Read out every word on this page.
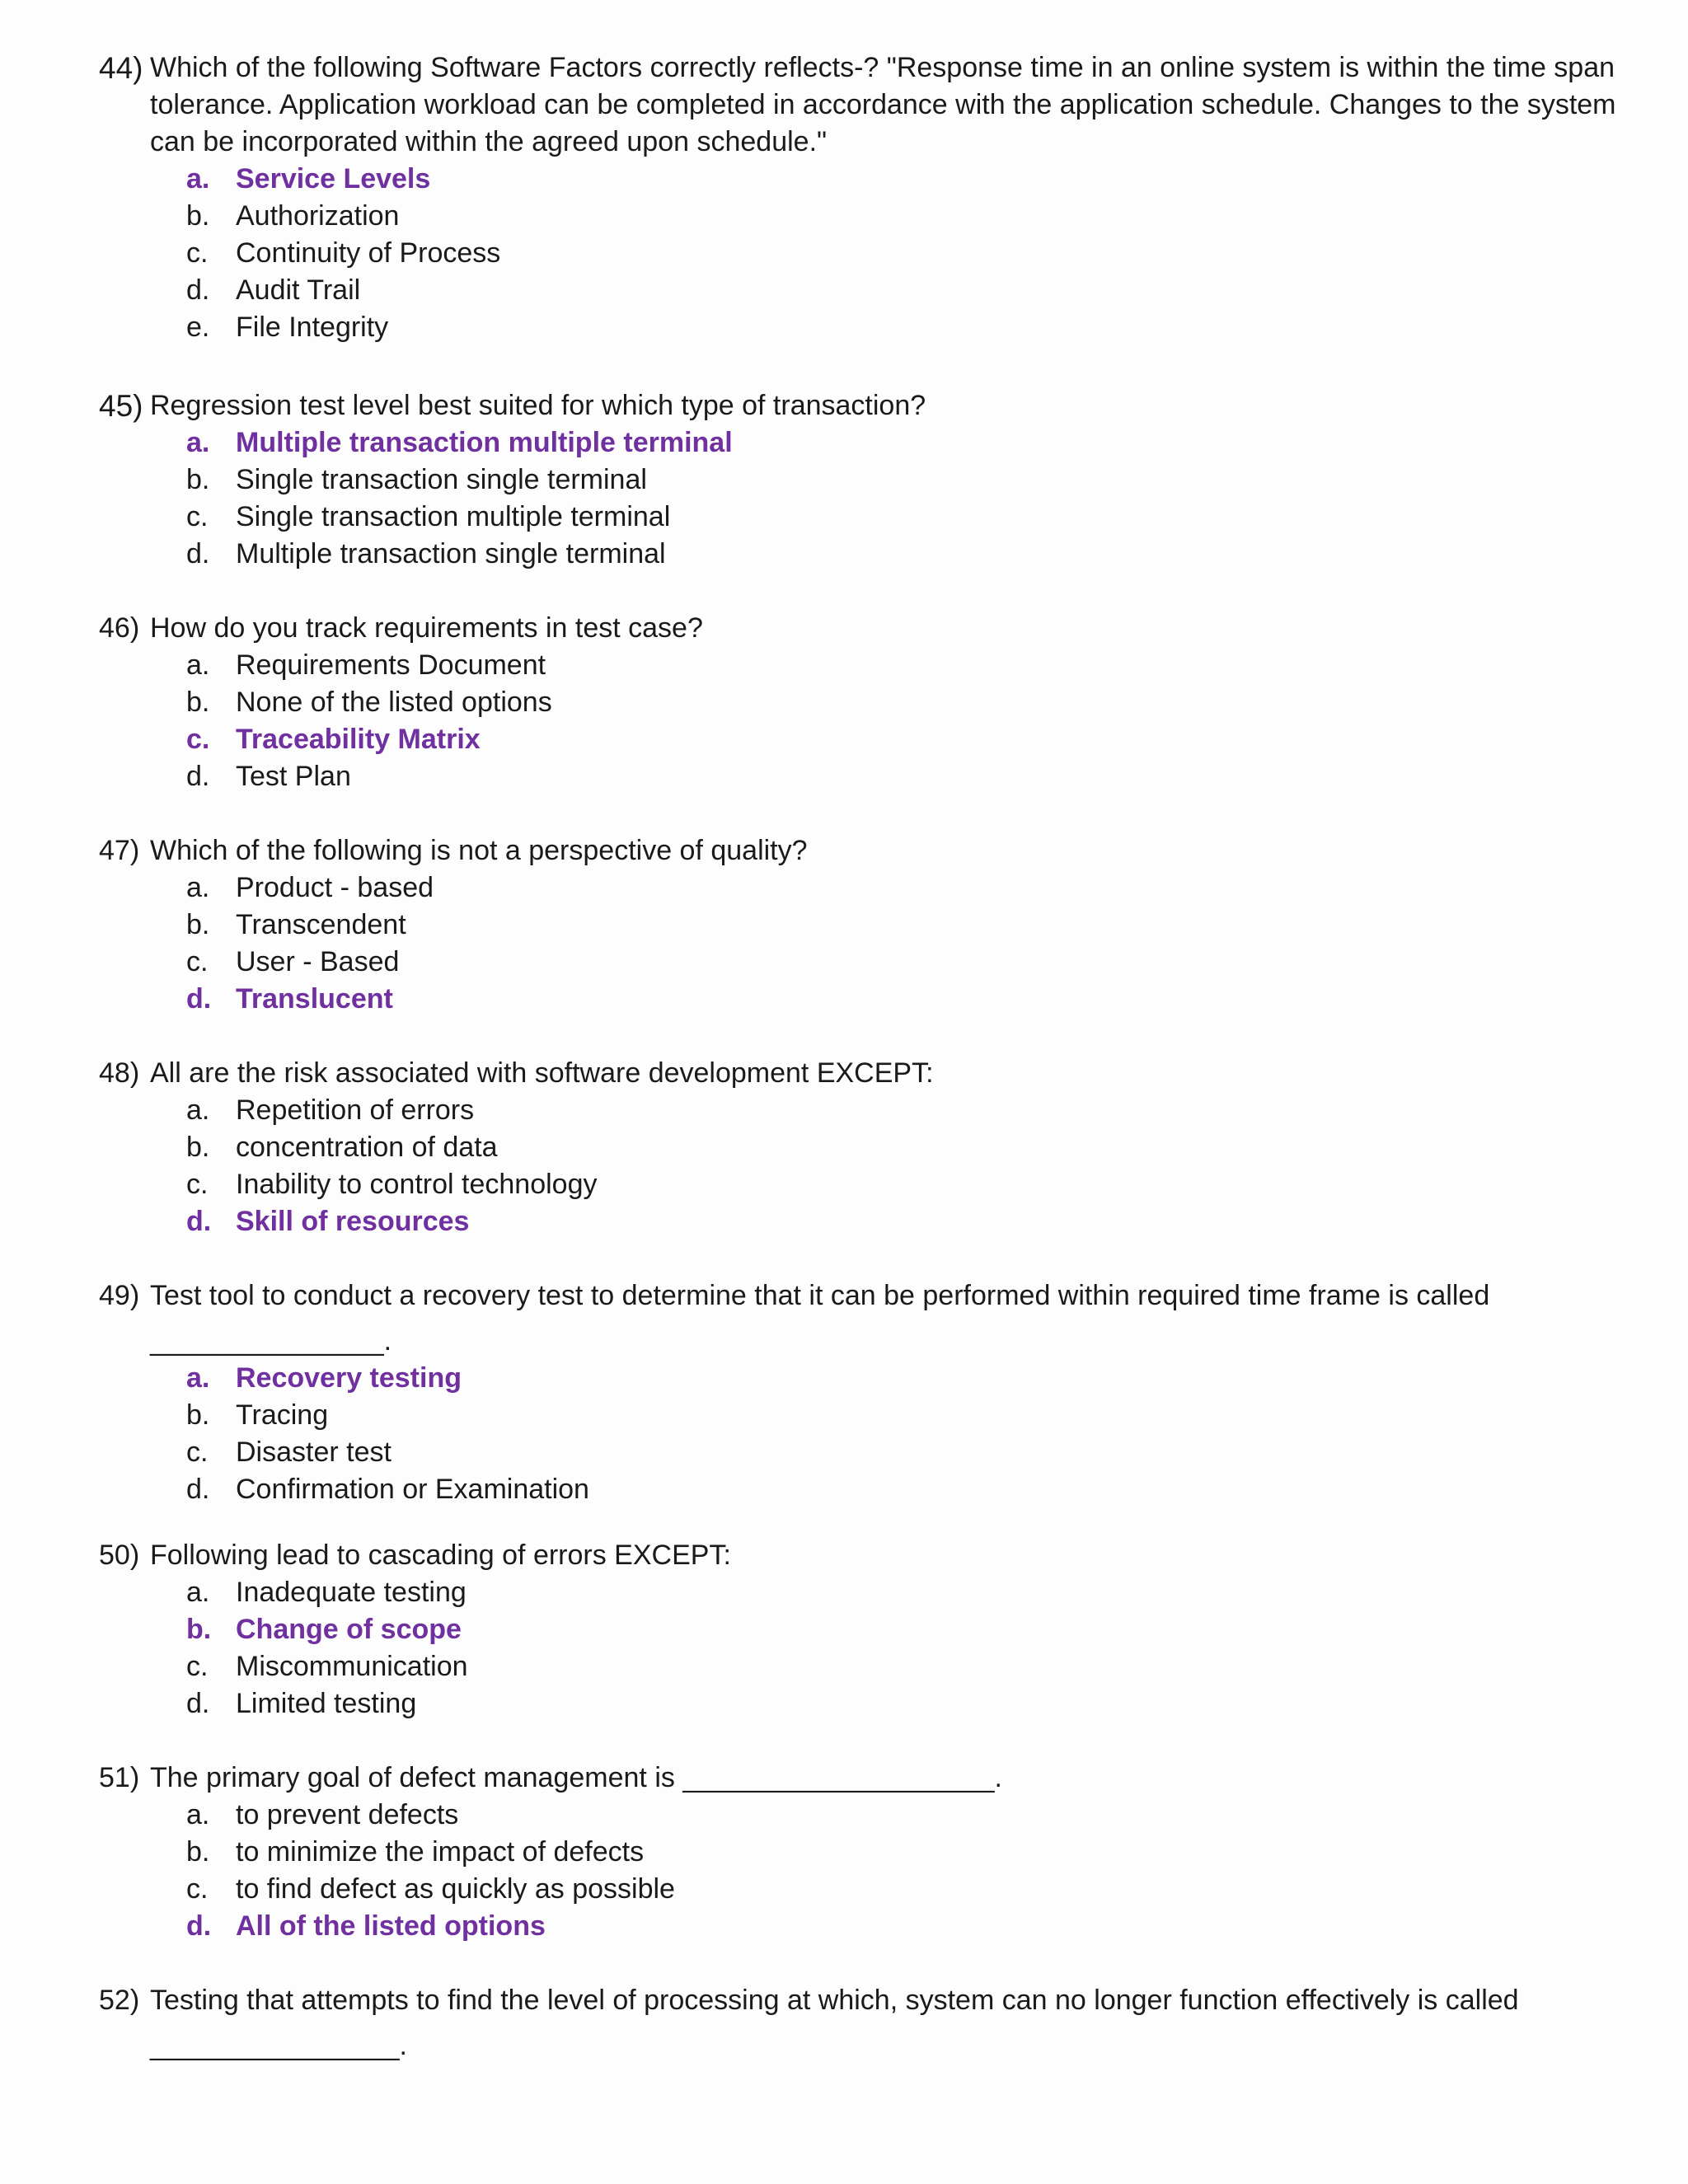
44) Which of the following Software Factors correctly reflects-? "Response time in an online system is within the time span tolerance. Application workload can be completed in accordance with the application schedule. Changes to the system can be incorporated within the agreed upon schedule."
a. Service Levels
b. Authorization
c. Continuity of Process
d. Audit Trail
e. File Integrity
45) Regression test level best suited for which type of transaction?
a. Multiple transaction multiple terminal
b. Single transaction single terminal
c. Single transaction multiple terminal
d. Multiple transaction single terminal
46) How do you track requirements in test case?
a. Requirements Document
b. None of the listed options
c. Traceability Matrix
d. Test Plan
47) Which of the following is not a perspective of quality?
a. Product - based
b. Transcendent
c. User - Based
d. Translucent
48) All are the risk associated with software development EXCEPT:
a. Repetition of errors
b. concentration of data
c. Inability to control technology
d. Skill of resources
49) Test tool to conduct a recovery test to determine that it can be performed within required time frame is called
_______________.
a. Recovery testing
b. Tracing
c. Disaster test
d. Confirmation or Examination
50) Following lead to cascading of errors EXCEPT:
a. Inadequate testing
b. Change of scope
c. Miscommunication
d. Limited testing
51) The primary goal of defect management is ____________________.
a. to prevent defects
b. to minimize the impact of defects
c. to find defect as quickly as possible
d. All of the listed options
52) Testing that attempts to find the level of processing at which, system can no longer function effectively is called
________________.
